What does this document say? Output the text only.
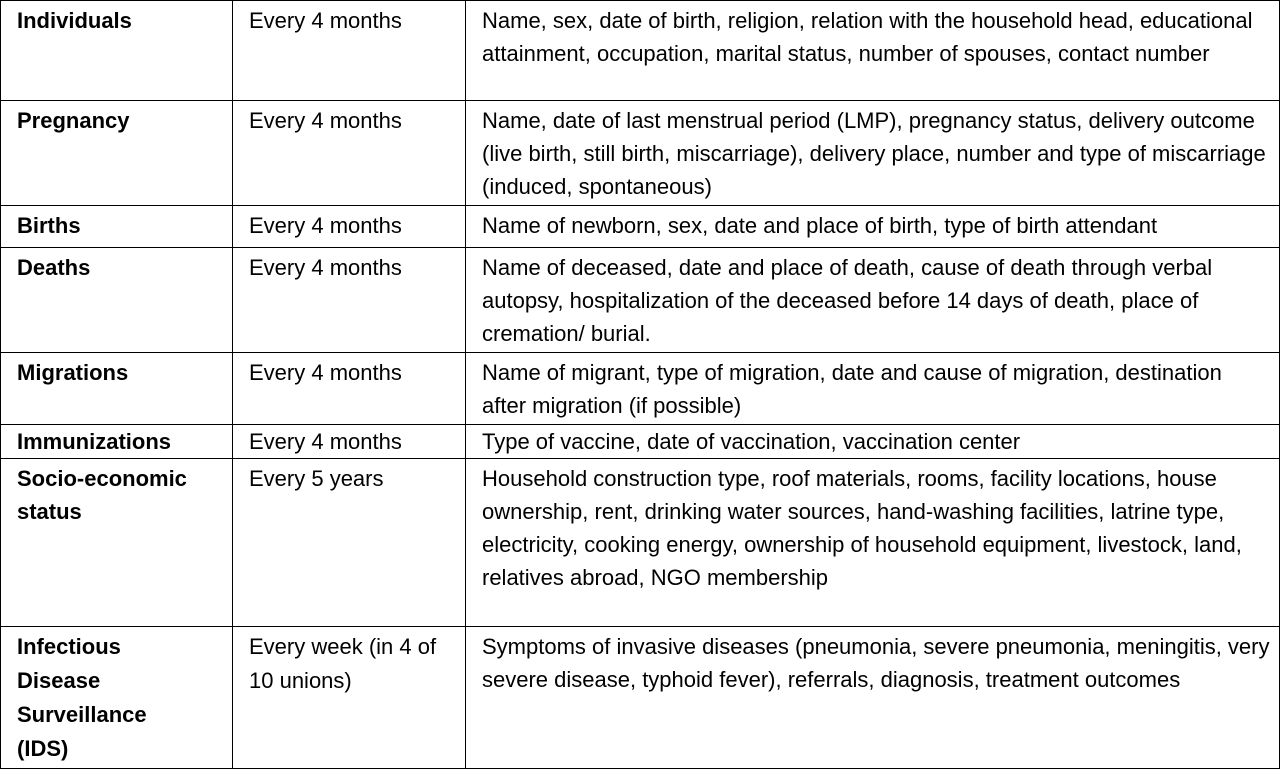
Individuals	Every 4 months	Name, sex, date of birth, religion, relation with the household head, educational attainment, occupation, marital status, number of spouses, contact number
Pregnancy	Every 4 months	Name, date of last menstrual period (LMP), pregnancy status, delivery outcome (live birth, still birth, miscarriage), delivery place, number and type of miscarriage (induced, spontaneous)
Births	Every 4 months	Name of newborn, sex, date and place of birth, type of birth attendant
Deaths	Every 4 months	Name of deceased, date and place of death, cause of death through verbal autopsy, hospitalization of the deceased before 14 days of death, place of cremation/ burial.
Migrations	Every 4 months	Name of migrant, type of migration, date and cause of migration, destination after migration (if possible)
Immunizations	Every 4 months	Type of vaccine, date of vaccination, vaccination center
Socio-economic status	Every 5 years	Household construction type, roof materials, rooms, facility locations, house ownership, rent, drinking water sources, hand-washing facilities, latrine type, electricity, cooking energy, ownership of household equipment, livestock, land, relatives abroad, NGO membership
Infectious Disease Surveillance (IDS)	Every week (in 4 of 10 unions)	Symptoms of invasive diseases (pneumonia, severe pneumonia, meningitis, very severe disease, typhoid fever), referrals, diagnosis, treatment outcomes
